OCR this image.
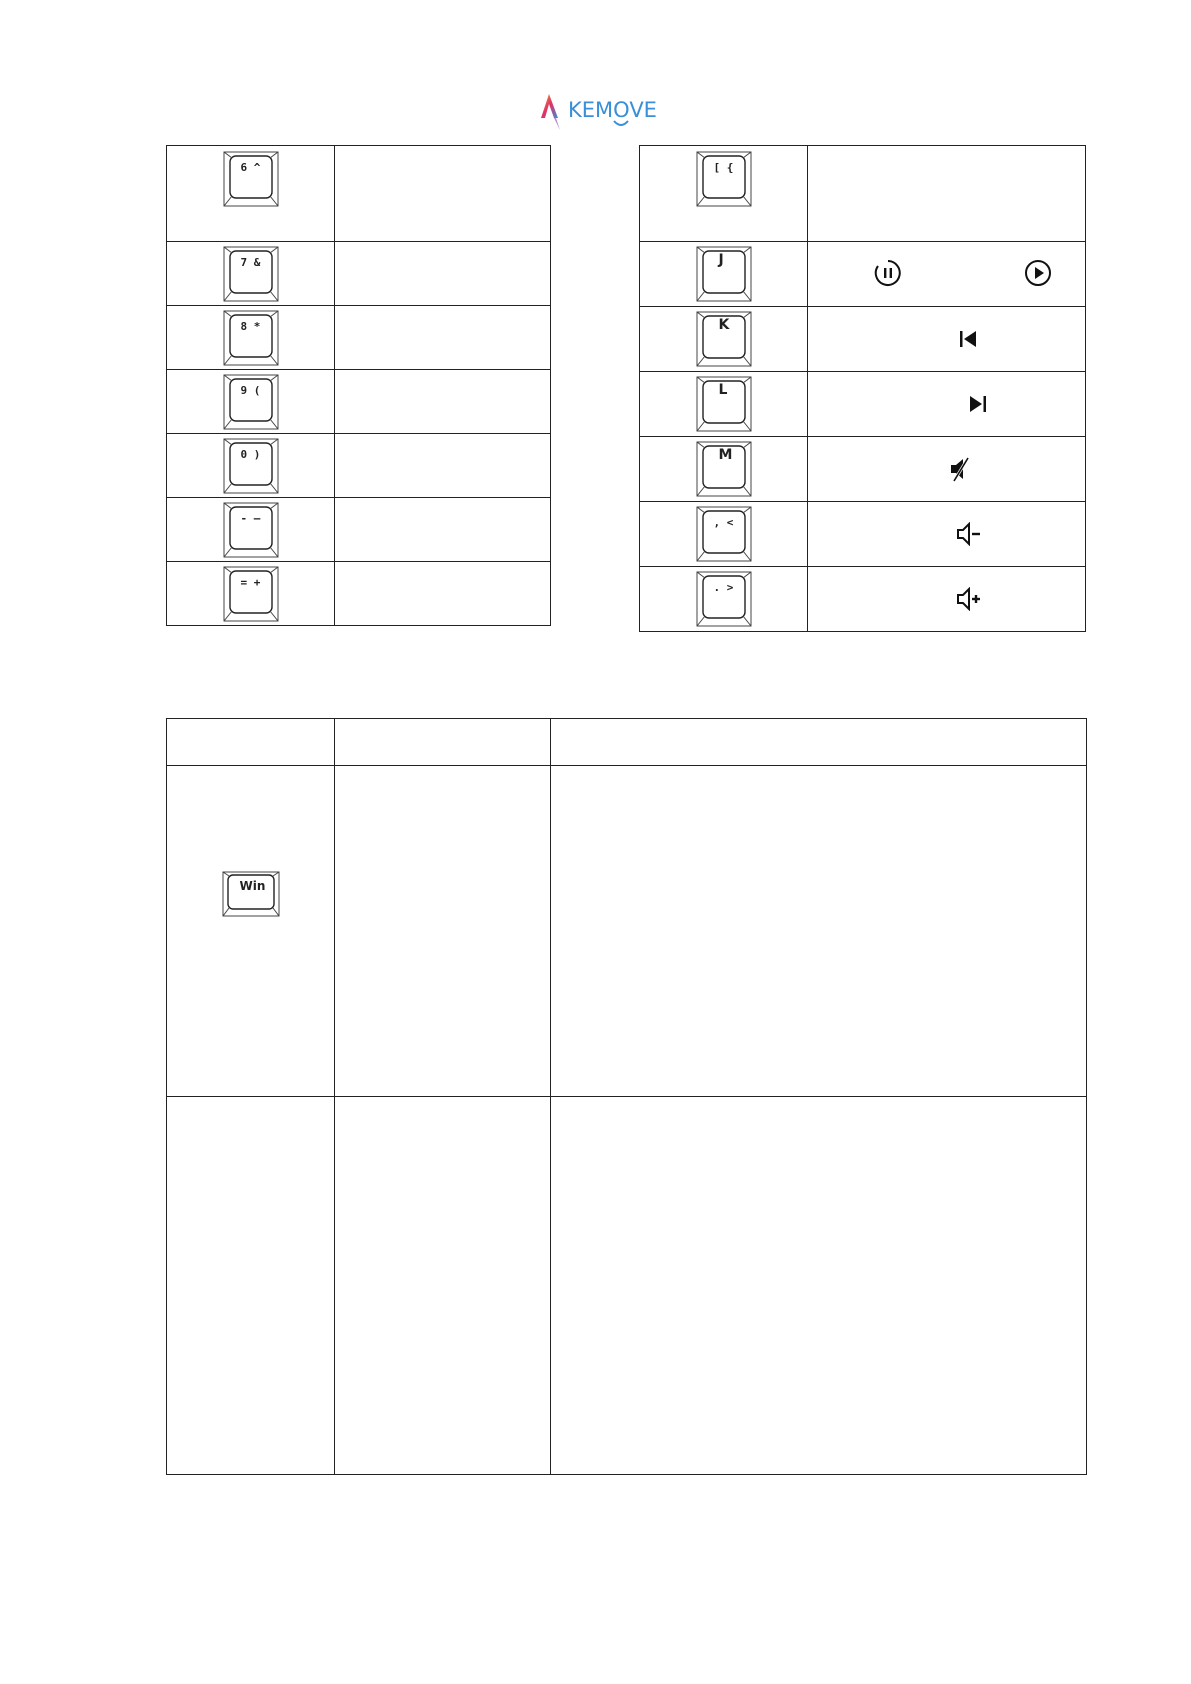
KEMOVE
6 ^	

7 &	

8 *	

9 (	

0 )	

- —	

= +	

[ {	

J

K

L

M

, <

. >

Win		
